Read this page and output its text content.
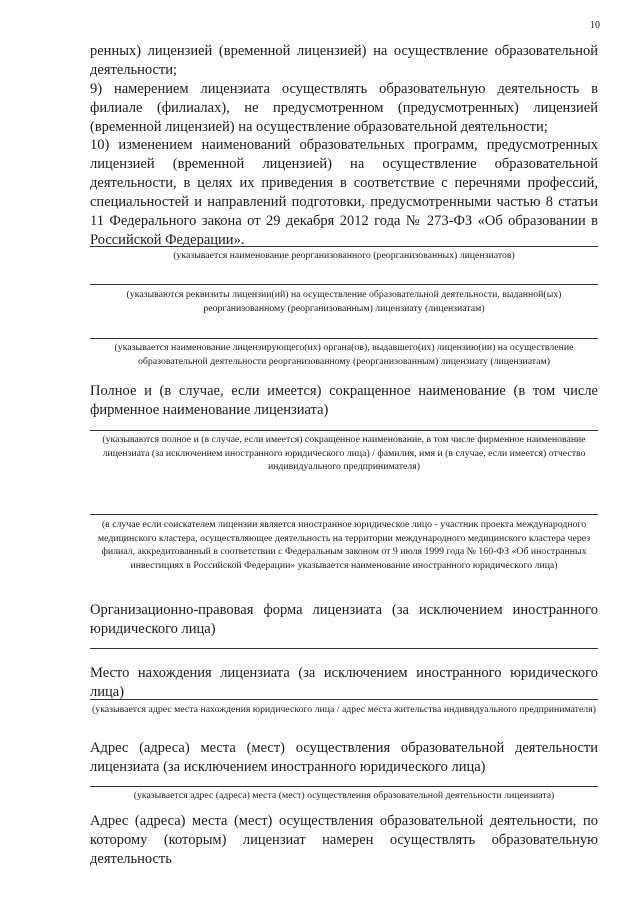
10
ренных) лицензией (временной лицензией) на осуществление образовательной деятельности;
9) намерением лицензиата осуществлять образовательную деятельность в филиале (филиалах), не предусмотренном (предусмотренных) лицензией (временной лицензией) на осуществление образовательной деятельности;
10) изменением наименований образовательных программ, предусмотренных лицензией (временной лицензией) на осуществление образовательной деятельности, в целях их приведения в соответствие с перечнями профессий, специальностей и направлений подготовки, предусмотренными частью 8 статьи 11 Федерального закона от 29 декабря 2012 года № 273-ФЗ «Об образовании в Российской Федерации».
(указывается наименование реорганизованного (реорганизованных) лицензиатов)
(указываются реквизиты лицензии(ий) на осуществление образовательной деятельности, выданной(ых) реорганизованному (реорганизованным) лицензиату (лицензиатам)
(указывается наименование лицензирующего(их) органа(ов), выдавшего(их) лицензию(ии) на осуществление образовательной деятельности реорганизованному (реорганизованным) лицензиату (лицензиатам)
Полное и (в случае, если имеется) сокращенное наименование (в том числе фирменное наименование лицензиата)
(указываются полное и (в случае, если имеется) сокращенное наименование, в том числе фирменное наименование лицензиата (за исключением иностранного юридического лица) / фамилия, имя и (в случае, если имеется) отчество индивидуального предпринимателя)
(в случае если соискателем лицензии является иностранное юридическое лицо - участник проекта международного медицинского кластера, осуществляющее деятельность на территории международного медицинского кластера через филиал, аккредитованный в соответствии с Федеральным законом от 9 июля 1999 года № 160-ФЗ «Об иностранных инвестициях в Российской Федерации» указывается наименование иностранного юридического лица)
Организационно-правовая форма лицензиата (за исключением иностранного юридического лица)
Место нахождения лицензиата (за исключением иностранного юридического лица)
(указывается адрес места нахождения юридического лица / адрес места жительства индивидуального предпринимателя)
Адрес (адреса) места (мест) осуществления образовательной деятельности лицензиата (за исключением иностранного юридического лица)
(указывается адрес (адреса) места (мест) осуществления образовательной деятельности лицензиата)
Адрес (адреса) места (мест) осуществления образовательной деятельности, по которому (которым) лицензиат намерен осуществлять образовательную деятельность
